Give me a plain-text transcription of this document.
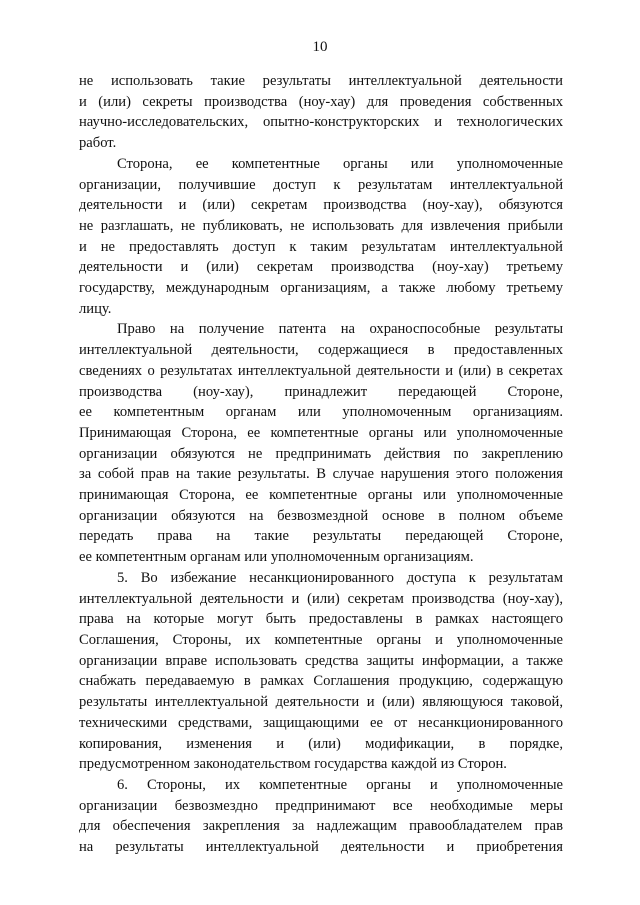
10
не использовать такие результаты интеллектуальной деятельности
и (или) секреты производства (ноу-хау) для проведения собственных
научно-исследовательских, опытно-конструкторских и технологических
работ.
Сторона, ее компетентные органы или уполномоченные
организации, получившие доступ к результатам интеллектуальной
деятельности и (или) секретам производства (ноу-хау), обязуются
не разглашать, не публиковать, не использовать для извлечения прибыли
и не предоставлять доступ к таким результатам интеллектуальной
деятельности и (или) секретам производства (ноу-хау) третьему
государству, международным организациям, а также любому третьему
лицу.
Право на получение патента на охраноспособные результаты
интеллектуальной деятельности, содержащиеся в предоставленных
сведениях о результатах интеллектуальной деятельности и (или) в секретах
производства (ноу-хау), принадлежит передающей Стороне,
ее компетентным органам или уполномоченным организациям.
Принимающая Сторона, ее компетентные органы или уполномоченные
организации обязуются не предпринимать действия по закреплению
за собой прав на такие результаты. В случае нарушения этого положения
принимающая Сторона, ее компетентные органы или уполномоченные
организации обязуются на безвозмездной основе в полном объеме
передать права на такие результаты передающей Стороне,
ее компетентным органам или уполномоченным организациям.
5. Во избежание несанкционированного доступа к результатам
интеллектуальной деятельности и (или) секретам производства (ноу-хау),
права на которые могут быть предоставлены в рамках настоящего
Соглашения, Стороны, их компетентные органы и уполномоченные
организации вправе использовать средства защиты информации, а также
снабжать передаваемую в рамках Соглашения продукцию, содержащую
результаты интеллектуальной деятельности и (или) являющуюся таковой,
техническими средствами, защищающими ее от несанкционированного
копирования, изменения и (или) модификации, в порядке,
предусмотренном законодательством государства каждой из Сторон.
6. Стороны, их компетентные органы и уполномоченные
организации безвозмездно предпринимают все необходимые меры
для обеспечения закрепления за надлежащим правообладателем прав
на результаты интеллектуальной деятельности и приобретения
